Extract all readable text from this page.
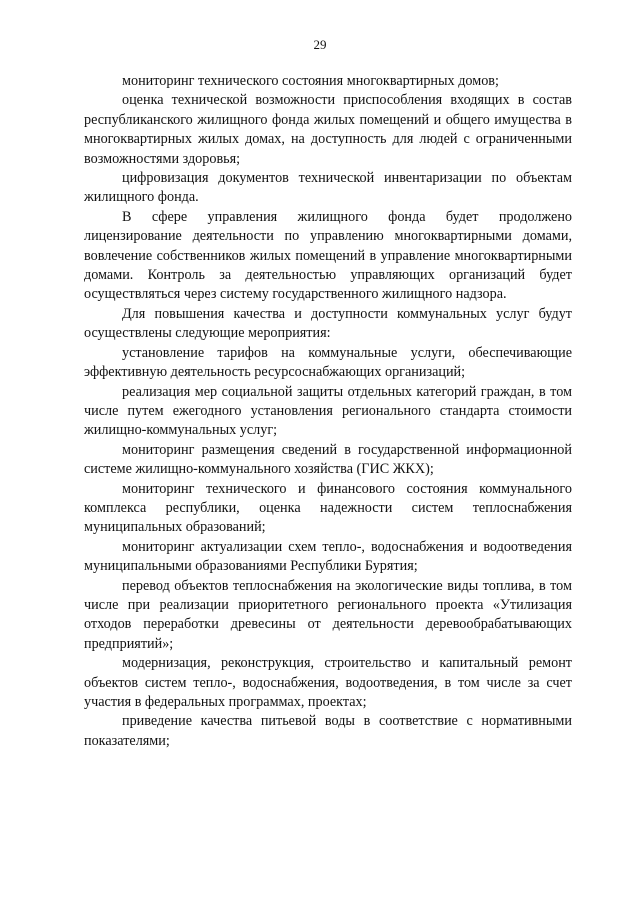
29

мониторинг технического состояния многоквартирных домов;

оценка технической возможности приспособления входящих в состав республиканского жилищного фонда жилых помещений и общего имущества в многоквартирных жилых домах, на доступность для людей с ограниченными возможностями здоровья;

цифровизация документов технической инвентаризации по объектам жилищного фонда.

В сфере управления жилищного фонда будет продолжено лицензирование деятельности по управлению многоквартирными домами, вовлечение собственников жилых помещений в управление многоквартирными домами. Контроль за деятельностью управляющих организаций будет осуществляться через систему государственного жилищного надзора.

Для повышения качества и доступности коммунальных услуг будут осуществлены следующие мероприятия:

установление тарифов на коммунальные услуги, обеспечивающие эффективную деятельность ресурсоснабжающих организаций;

реализация мер социальной защиты отдельных категорий граждан, в том числе путем ежегодного установления регионального стандарта стоимости жилищно-коммунальных услуг;

мониторинг размещения сведений в государственной информационной системе жилищно-коммунального хозяйства (ГИС ЖКХ);

мониторинг технического и финансового состояния коммунального комплекса республики, оценка надежности систем теплоснабжения муниципальных образований;

мониторинг актуализации схем тепло-, водоснабжения и водоотведения муниципальными образованиями Республики Бурятия;

перевод объектов теплоснабжения на экологические виды топлива, в том числе при реализации приоритетного регионального проекта «Утилизация отходов переработки древесины от деятельности деревообрабатывающих предприятий»;

модернизация, реконструкция, строительство и капитальный ремонт объектов систем тепло-, водоснабжения, водоотведения, в том числе за счет участия в федеральных программах, проектах;

приведение качества питьевой воды в соответствие с нормативными показателями;
